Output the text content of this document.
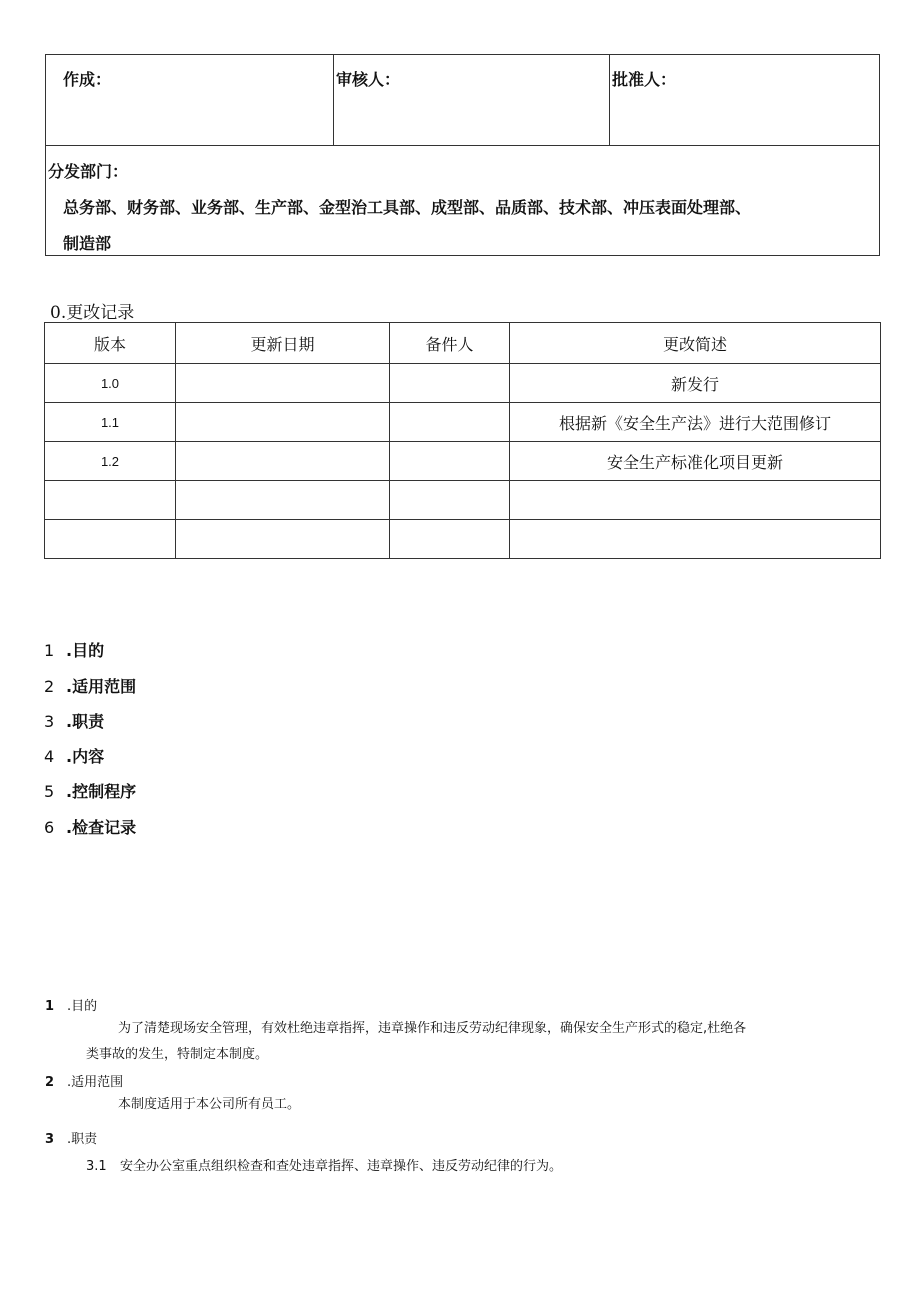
作成：	审核人：	批准人：
分发部门：
总务部、财务部、业务部、生产部、金型治工具部、成型部、品质部、技术部、冲压表面处理部、
制造部
0.更改记录
版本	更新日期	备件人	更改简述
1.0			新发行
1.1			根据新《安全生产法》进行大范围修订
1.2			安全生产标准化项目更新

1 .目的
2 .适用范围
3 .职责
4 .内容
5 .控制程序
6 .检查记录
1 .目的
为了清楚现场安全管理，有效杜绝违章指挥，违章操作和违反劳动纪律现象，确保安全生产形式的稳定,杜绝各
类事故的发生，特制定本制度。
2 .适用范围
本制度适用于本公司所有员工。
3 .职责
3.1 安全办公室重点组织检查和查处违章指挥、违章操作、违反劳动纪律的行为。
